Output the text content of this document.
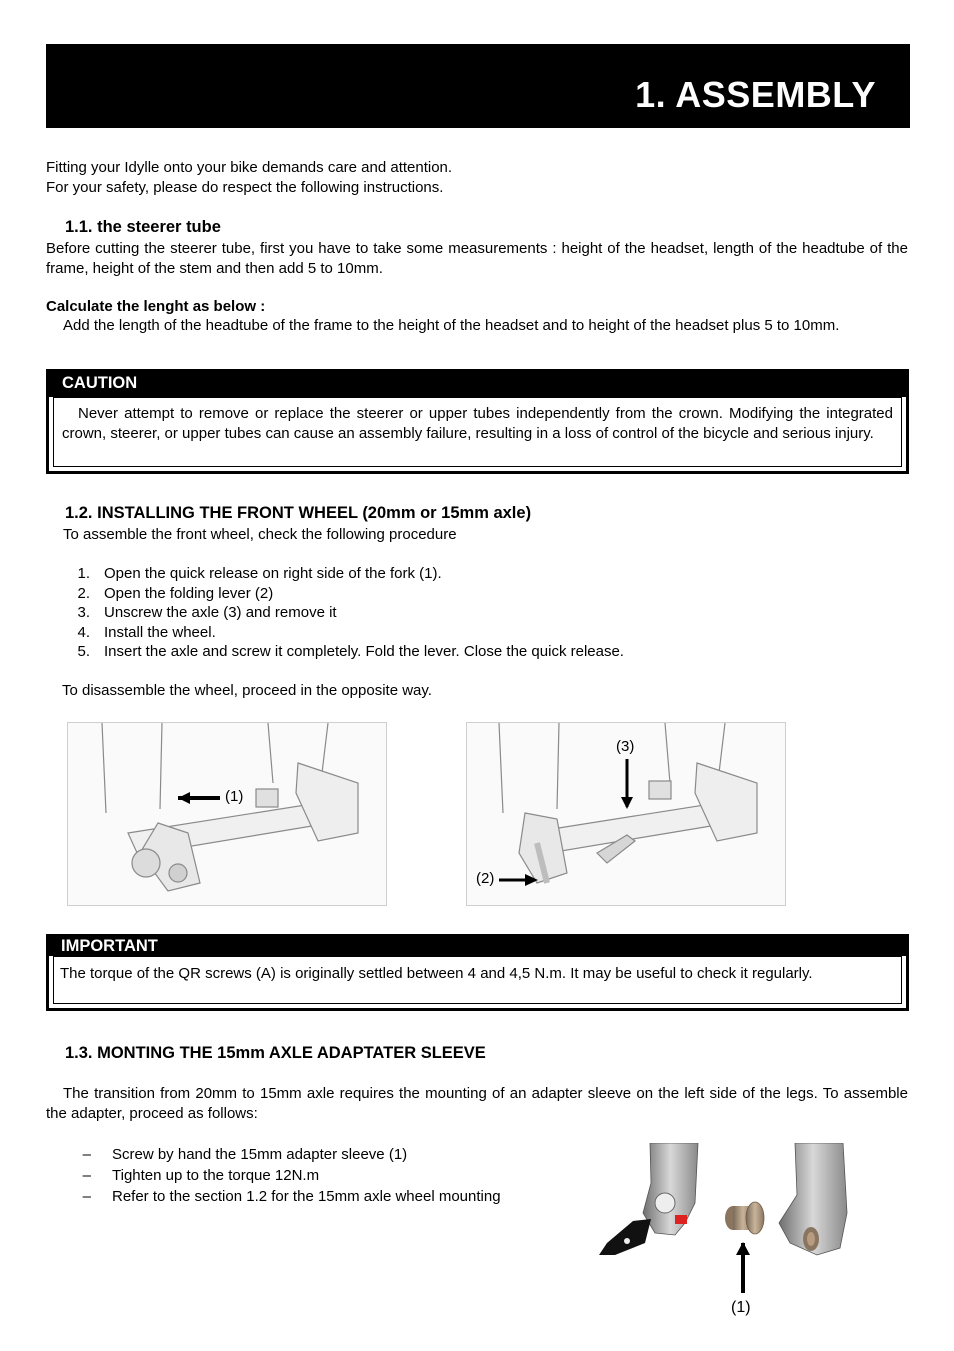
1. ASSEMBLY
Fitting your Idylle onto your bike demands care and attention.
For your safety, please do respect the following instructions.
1.1. the steerer tube
Before cutting the steerer tube, first you have to take some measurements : height of the headset, length of the headtube of the frame, height of the stem and then add 5 to 10mm.
Calculate the lenght as below :
Add the length of the headtube of the frame to the height of the headset and to height of the headset plus 5 to 10mm.
CAUTION
Never attempt to remove or replace the steerer or upper tubes independently from the crown. Modifying the integrated crown, steerer, or upper tubes can cause an assembly failure, resulting in a loss of control of the bicycle and serious injury.
1.2. INSTALLING THE FRONT WHEEL (20mm or 15mm axle)
To assemble the front wheel, check the following procedure
1. Open the quick release on right side of the fork (1).
2. Open the folding lever (2)
3. Unscrew the axle (3) and remove it
4. Install the wheel.
5. Insert the axle and screw it completely. Fold the lever. Close the quick release.
To disassemble the wheel, proceed in the opposite way.
(1)
(3)
(2)
IMPORTANT
The torque of the QR screws (A) is originally settled between 4 and 4,5 N.m. It may be useful to check it regularly.
1.3. MONTING THE 15mm AXLE ADAPTATER SLEEVE
The transition from 20mm to 15mm axle requires the mounting of an adapter sleeve on the left side of the legs. To assemble the adapter, proceed as follows:
–	Screw by hand the 15mm adapter sleeve (1)
–	Tighten up to the torque 12N.m
–	Refer to the section 1.2 for the 15mm axle wheel mounting
(1)
